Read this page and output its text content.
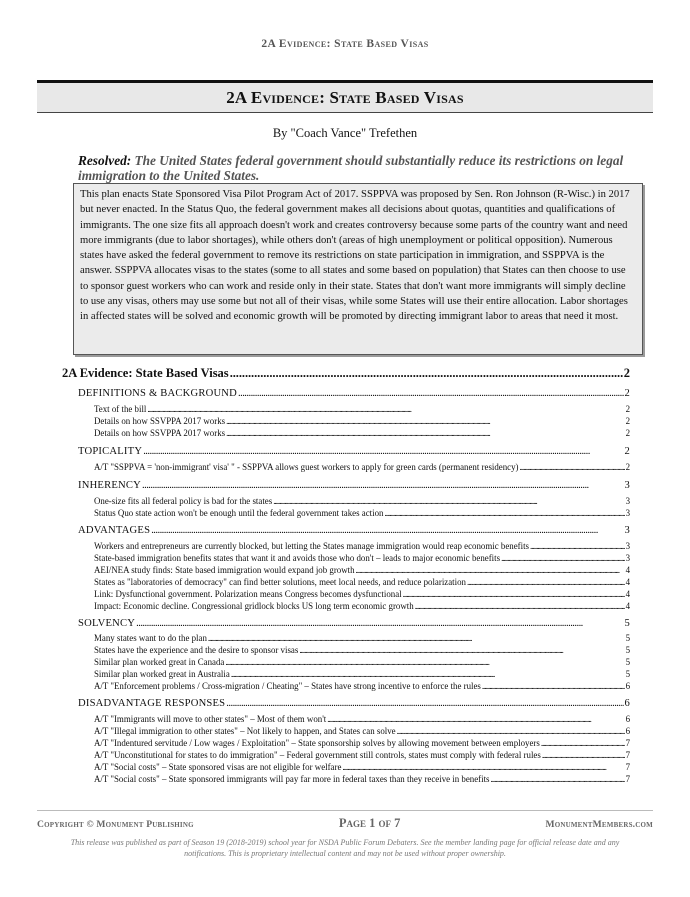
2A Evidence: State Based Visas
2A Evidence: State Based Visas
By "Coach Vance" Trefethen
Resolved: The United States federal government should substantially reduce its restrictions on legal immigration to the United States.
This plan enacts State Sponsored Visa Pilot Program Act of 2017. SSPPVA was proposed by Sen. Ron Johnson (R-Wisc.) in 2017 but never enacted. In the Status Quo, the federal government makes all decisions about quotas, quantities and qualifications of immigrants. The one size fits all approach doesn't work and creates controversy because some parts of the country want and need more immigrants (due to labor shortages), while others don't (areas of high unemployment or political opposition). Numerous states have asked the federal government to remove its restrictions on state participation in immigration, and SSPPVA is the answer. SSPPVA allocates visas to the states (some to all states and some based on population) that States can then choose to use to sponsor guest workers who can work and reside only in their state. States that don't want more immigrants will simply decline to use any visas, others may use some but not all of their visas, while some States will use their entire allocation. Labor shortages in affected states will be solved and economic growth will be promoted by directing immigrant labor to areas that need it most.
2A Evidence: State Based Visas . . .	2
DEFINITIONS & BACKGROUND . . .	2
Text of the bill . . .	2
Details on how SSVPPA 2017 works . . .	2
Details on how SSVPPA 2017 works . . .	2
TOPICALITY . . .	2
A/T "SSPPVA = 'non-immigrant' visa' " - SSPPVA allows guest workers to apply for green cards (permanent residency) . . .	2
INHERENCY . . .	3
One-size fits all federal policy is bad for the states . . .	3
Status Quo state action won't be enough until the federal government takes action . . .	3
ADVANTAGES . . .	3
Workers and entrepreneurs are currently blocked, but letting the States manage immigration would reap economic benefits . . .	3
State-based immigration benefits states that want it and avoids those who don't – leads to major economic benefits . . .	3
AEI/NEA study finds: State based immigration would expand job growth . . .	4
States as "laboratories of democracy" can find better solutions, meet local needs, and reduce polarization . . .	4
Link: Dysfunctional government. Polarization means Congress becomes dysfunctional . . .	4
Impact: Economic decline. Congressional gridlock blocks US long term economic growth . . .	4
SOLVENCY . . .	5
Many states want to do the plan . . .	5
States have the experience and the desire to sponsor visas . . .	5
Similar plan worked great in Canada . . .	5
Similar plan worked great in Australia . . .	5
A/T "Enforcement problems / Cross-migration / Cheating" – States have strong incentive to enforce the rules . . .	6
DISADVANTAGE RESPONSES . . .	6
A/T "Immigrants will move to other states" – Most of them won't . . .	6
A/T "Illegal immigration to other states" – Not likely to happen, and States can solve . . .	6
A/T "Indentured servitude / Low wages / Exploitation" – State sponsorship solves by allowing movement between employers . . .	7
A/T "Unconstitutional for states to do immigration" – Federal government still controls, states must comply with federal rules . . .	7
A/T "Social costs" – State sponsored visas are not eligible for welfare . . .	7
A/T "Social costs" – State sponsored immigrants will pay far more in federal taxes than they receive in benefits . . .	7
Copyright © Monument Publishing	Page 1 of 7	MonumentMembers.com
This release was published as part of Season 19 (2018-2019) school year for NSDA Public Forum Debaters. See the member landing page for official release date and any notifications. This is proprietary intellectual content and may not be used without proper ownership.
